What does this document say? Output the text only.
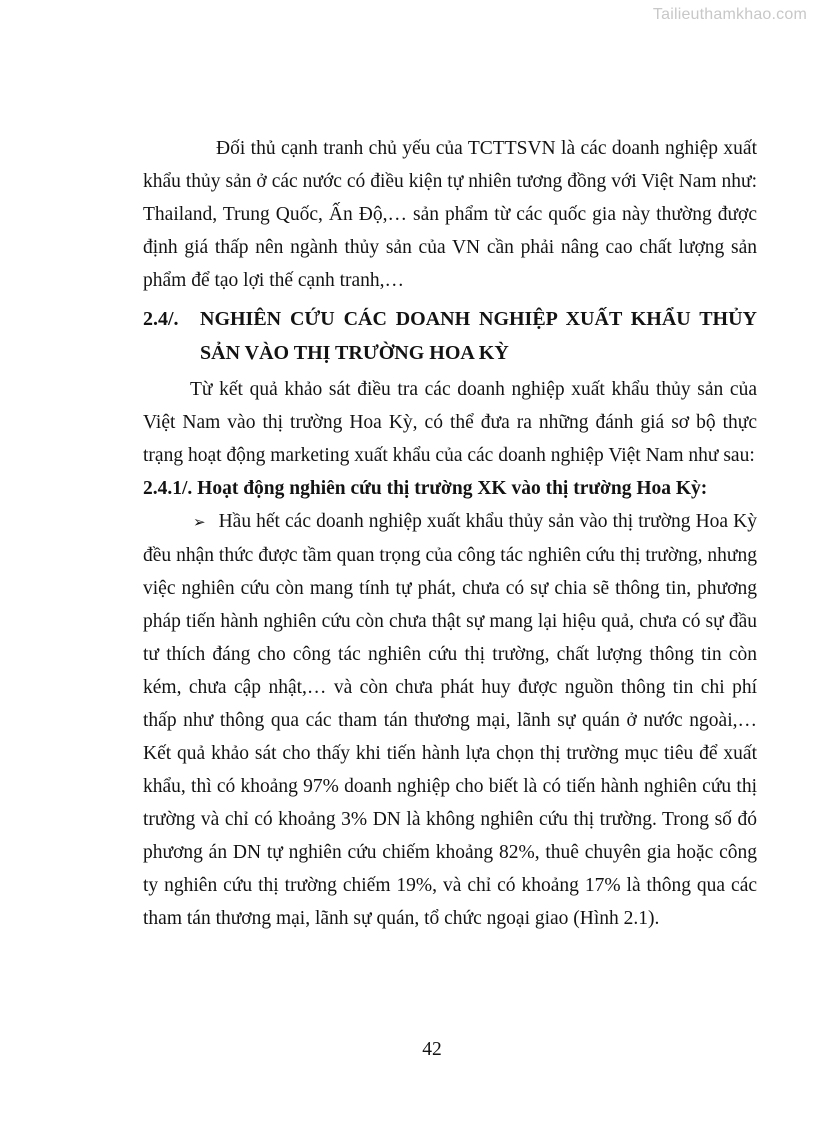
Tailieuthamkhao.com

Đối thủ cạnh tranh chủ yếu của TCTTSVN là các doanh nghiệp xuất khẩu thủy sản ở các nước có điều kiện tự nhiên tương đồng với Việt Nam như: Thailand, Trung Quốc, Ấn Độ,… sản phẩm từ các quốc gia này thường được định giá thấp nên ngành thủy sản của VN cần phải nâng cao chất lượng sản phẩm để tạo lợi thế cạnh tranh,…

2.4/.	NGHIÊN CỨU CÁC DOANH NGHIỆP XUẤT KHẨU THỦY SẢN VÀO THỊ TRƯỜNG HOA KỲ

Từ kết quả khảo sát điều tra các doanh nghiệp xuất khẩu thủy sản của Việt Nam vào thị trường Hoa Kỳ, có thể đưa ra những đánh giá sơ bộ thực trạng hoạt động marketing xuất khẩu của các doanh nghiệp Việt Nam như sau:

2.4.1/. Hoạt động nghiên cứu thị trường XK vào thị trường Hoa Kỳ:

➢ Hầu hết các doanh nghiệp xuất khẩu thủy sản vào thị trường Hoa Kỳ đều nhận thức được tầm quan trọng của công tác nghiên cứu thị trường, nhưng việc nghiên cứu còn mang tính tự phát, chưa có sự chia sẽ thông tin, phương pháp tiến hành nghiên cứu còn chưa thật sự mang lại hiệu quả, chưa có sự đầu tư thích đáng cho công tác nghiên cứu thị trường, chất lượng thông tin còn kém, chưa cập nhật,… và còn chưa phát huy được nguồn thông tin chi phí thấp như thông qua các tham tán thương mại, lãnh sự quán ở nước ngoài,… Kết quả khảo sát cho thấy khi tiến hành lựa chọn thị trường mục tiêu để xuất khẩu, thì có khoảng 97% doanh nghiệp cho biết là có tiến hành nghiên cứu thị trường và chỉ có khoảng 3% DN là không nghiên cứu thị trường. Trong số đó phương án DN tự nghiên cứu chiếm khoảng 82%, thuê chuyên gia hoặc công ty nghiên cứu thị trường chiếm 19%, và chỉ có khoảng 17% là thông qua các tham tán thương mại, lãnh sự quán, tổ chức ngoại giao (Hình 2.1).

42
